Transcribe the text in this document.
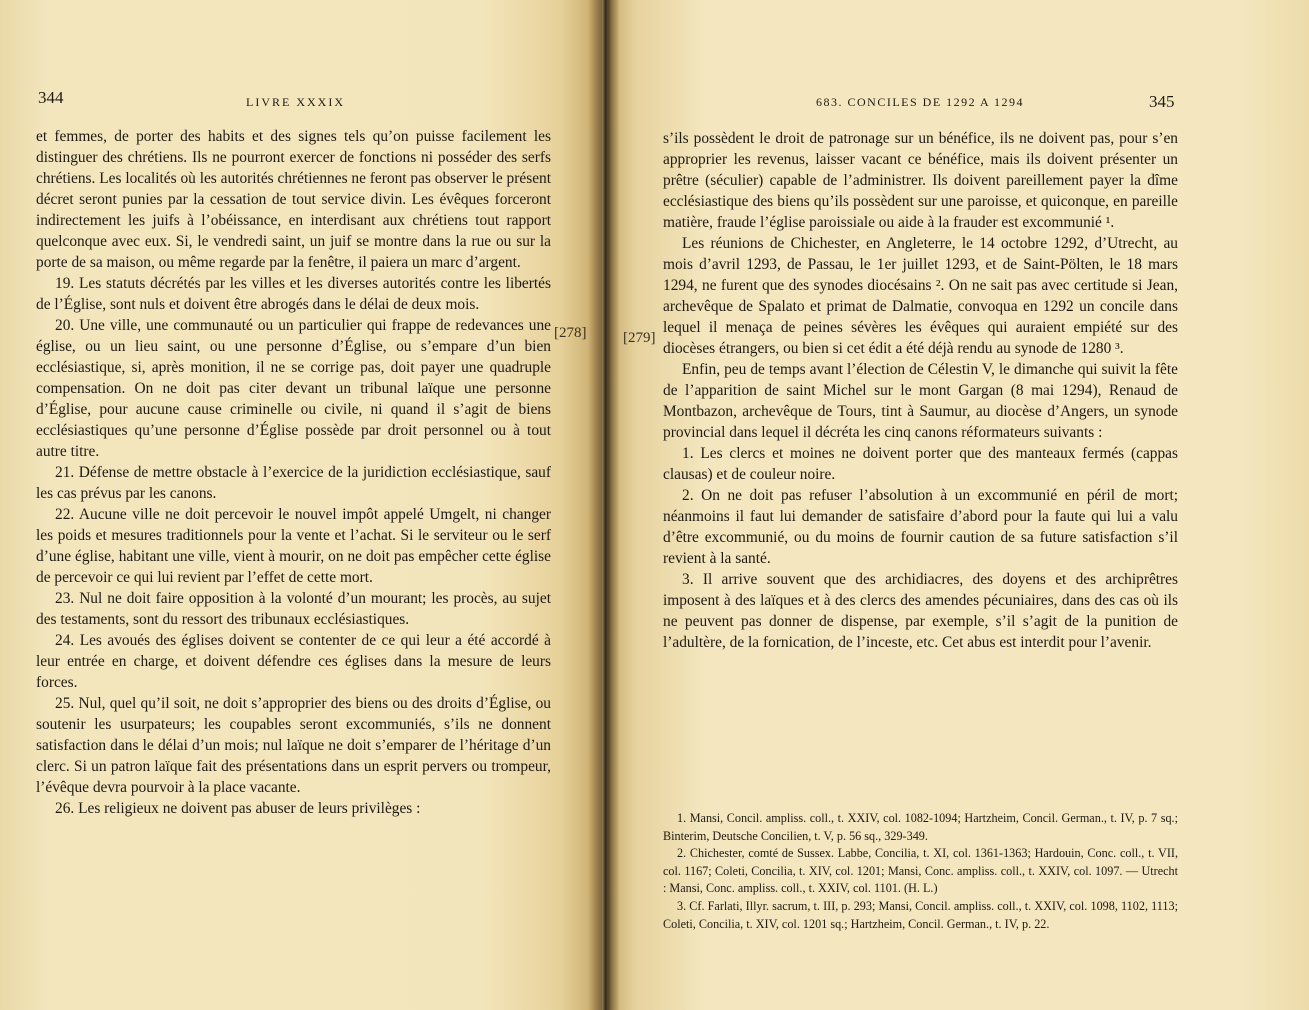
344	LIVRE XXXIX
[278]

et femmes, de porter des habits et des signes tels qu’on puisse facilement les distinguer des chrétiens. Ils ne pourront exercer de fonctions ni posséder des serfs chrétiens. Les localités où les autorités chrétiennes ne feront pas observer le présent décret seront punies par la cessation de tout service divin. Les évêques forceront indirectement les juifs à l’obéissance, en interdisant aux chrétiens tout rapport quelconque avec eux. Si, le vendredi saint, un juif se montre dans la rue ou sur la porte de sa maison, ou même regarde par la fenêtre, il paiera un marc d’argent.

19. Les statuts décrétés par les villes et les diverses autorités contre les libertés de l’Église, sont nuls et doivent être abrogés dans le délai de deux mois.

20. Une ville, une communauté ou un particulier qui frappe de redevances une église, ou un lieu saint, ou une personne d’Église, ou s’empare d’un bien ecclésiastique, si, après monition, il ne se corrige pas, doit payer une quadruple compensation. On ne doit pas citer devant un tribunal laïque une personne d’Église, pour aucune cause criminelle ou civile, ni quand il s’agit de biens ecclésiastiques qu’une personne d’Église possède par droit personnel ou à tout autre titre.

21. Défense de mettre obstacle à l’exercice de la juridiction ecclésiastique, sauf les cas prévus par les canons.

22. Aucune ville ne doit percevoir le nouvel impôt appelé Umgelt, ni changer les poids et mesures traditionnels pour la vente et l’achat. Si le serviteur ou le serf d’une église, habitant une ville, vient à mourir, on ne doit pas empêcher cette église de percevoir ce qui lui revient par l’effet de cette mort.

23. Nul ne doit faire opposition à la volonté d’un mourant; les procès, au sujet des testaments, sont du ressort des tribunaux ecclésiastiques.

24. Les avoués des églises doivent se contenter de ce qui leur a été accordé à leur entrée en charge, et doivent défendre ces églises dans la mesure de leurs forces.

25. Nul, quel qu’il soit, ne doit s’approprier des biens ou des droits d’Église, ou soutenir les usurpateurs; les coupables seront excommuniés, s’ils ne donnent satisfaction dans le délai d’un mois; nul laïque ne doit s’emparer de l’héritage d’un clerc. Si un patron laïque fait des présentations dans un esprit pervers ou trompeur, l’évêque devra pourvoir à la place vacante.

26. Les religieux ne doivent pas abuser de leurs privilèges :

683. CONCILES DE 1292 A 1294	345
[279]

s’ils possèdent le droit de patronage sur un bénéfice, ils ne doivent pas, pour s’en approprier les revenus, laisser vacant ce bénéfice, mais ils doivent présenter un prêtre (séculier) capable de l’administrer. Ils doivent pareillement payer la dîme ecclésiastique des biens qu’ils possèdent sur une paroisse, et quiconque, en pareille matière, fraude l’église paroissiale ou aide à la frauder est excommunié ¹.

Les réunions de Chichester, en Angleterre, le 14 octobre 1292, d’Utrecht, au mois d’avril 1293, de Passau, le 1er juillet 1293, et de Saint-Pölten, le 18 mars 1294, ne furent que des synodes diocésains ². On ne sait pas avec certitude si Jean, archevêque de Spalato et primat de Dalmatie, convoqua en 1292 un concile dans lequel il menaça de peines sévères les évêques qui auraient empiété sur des diocèses étrangers, ou bien si cet édit a été déjà rendu au synode de 1280 ³.

Enfin, peu de temps avant l’élection de Célestin V, le dimanche qui suivit la fête de l’apparition de saint Michel sur le mont Gargan (8 mai 1294), Renaud de Montbazon, archevêque de Tours, tint à Saumur, au diocèse d’Angers, un synode provincial dans lequel il décréta les cinq canons réformateurs suivants :

1. Les clercs et moines ne doivent porter que des manteaux fermés (cappas clausas) et de couleur noire.

2. On ne doit pas refuser l’absolution à un excommunié en péril de mort; néanmoins il faut lui demander de satisfaire d’abord pour la faute qui lui a valu d’être excommunié, ou du moins de fournir caution de sa future satisfaction s’il revient à la santé.

3. Il arrive souvent que des archidiacres, des doyens et des archiprêtres imposent à des laïques et à des clercs des amendes pécuniaires, dans des cas où ils ne peuvent pas donner de dispense, par exemple, s’il s’agit de la punition de l’adultère, de la fornication, de l’inceste, etc. Cet abus est interdit pour l’avenir.

1. Mansi, Concil. ampliss. coll., t. XXIV, col. 1082-1094; Hartzheim, Concil. German., t. IV, p. 7 sq.; Binterim, Deutsche Concilien, t. V, p. 56 sq., 329-349.

2. Chichester, comté de Sussex. Labbe, Concilia, t. XI, col. 1361-1363; Hardouin, Conc. coll., t. VII, col. 1167; Coleti, Concilia, t. XIV, col. 1201; Mansi, Conc. ampliss. coll., t. XXIV, col. 1097. — Utrecht : Mansi, Conc. ampliss. coll., t. XXIV, col. 1101. (H. L.)

3. Cf. Farlati, Illyr. sacrum, t. III, p. 293; Mansi, Concil. ampliss. coll., t. XXIV, col. 1098, 1102, 1113; Coleti, Concilia, t. XIV, col. 1201 sq.; Hartzheim, Concil. German., t. IV, p. 22.
